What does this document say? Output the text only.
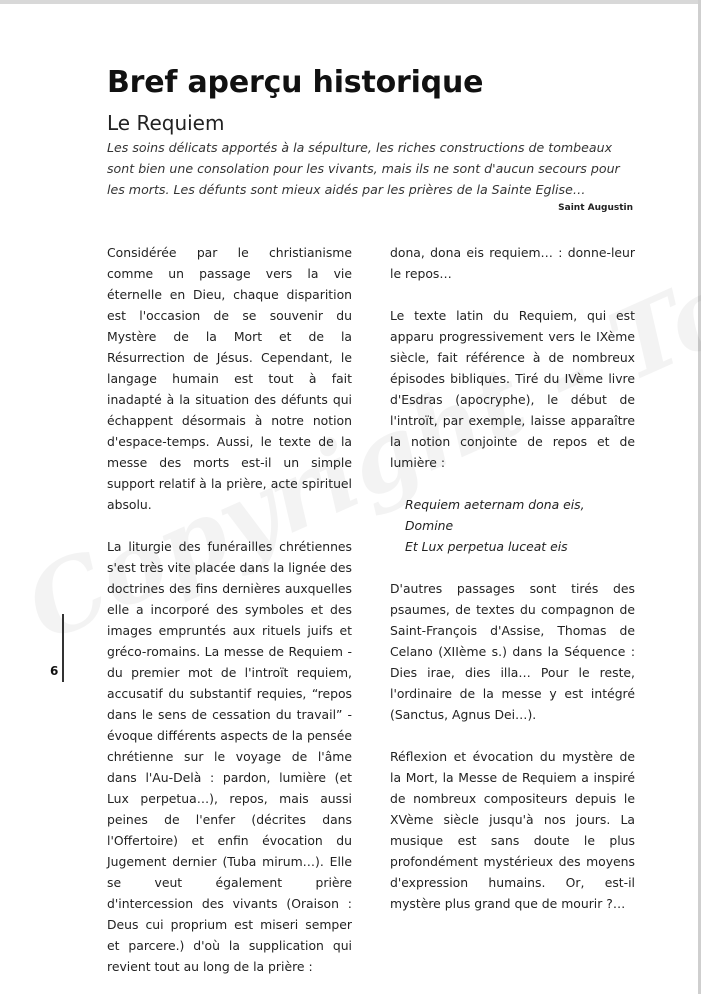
Bref aperçu historique
Le Requiem

Les soins délicats apportés à la sépulture, les riches constructions de tombeaux sont bien une consolation pour les vivants, mais ils ne sont d'aucun secours pour les morts. Les défunts sont mieux aidés par les prières de la Sainte Eglise…

Saint Augustin

Considérée par le christianisme comme un passage vers la vie éternelle en Dieu, chaque disparition est l'occasion de se souvenir du Mystère de la Mort et de la Résurrection de Jésus. Cependant, le langage humain est tout à fait inadapté à la situation des défunts qui échappent désormais à notre notion d'espace-temps. Aussi, le texte de la messe des morts est-il un simple support relatif à la prière, acte spirituel absolu.

La liturgie des funérailles chrétiennes s'est très vite placée dans la lignée des doctrines des fins dernières auxquelles elle a incorporé des symboles et des images empruntés aux rituels juifs et gréco-romains. La messe de Requiem - du premier mot de l'introït requiem, accusatif du substantif requies, “repos dans le sens de cessation du travail” - évoque différents aspects de la pensée chrétienne sur le voyage de l'âme dans l'Au-Delà : pardon, lumière (et Lux perpetua…), repos, mais aussi peines de l'enfer (décrites dans l'Offertoire) et enfin évocation du Jugement dernier (Tuba mirum…). Elle se veut également prière d'intercession des vivants (Oraison : Deus cui proprium est miseri semper et parcere.) d'où la supplication qui revient tout au long de la prière :

dona, dona eis requiem… : donne-leur le repos…

Le texte latin du Requiem, qui est apparu progressivement vers le IXème siècle, fait référence à de nombreux épisodes bibliques. Tiré du IVème livre d'Esdras (apocryphe), le début de l'introït, par exemple, laisse apparaître la notion conjointe de repos et de lumière :

Requiem aeternam dona eis, Domine
Et Lux perpetua luceat eis

D'autres passages sont tirés des psaumes, de textes du compagnon de Saint-François d'Assise, Thomas de Celano (XIIème s.) dans la Séquence : Dies irae, dies illa… Pour le reste, l'ordinaire de la messe y est intégré (Sanctus, Agnus Dei…).

Réflexion et évocation du mystère de la Mort, la Messe de Requiem a inspiré de nombreux compositeurs depuis le XVème siècle jusqu'à nos jours. La musique est sans doute le plus profondément mystérieux des moyens d'expression humains. Or, est-il mystère plus grand que de mourir ?…

6
